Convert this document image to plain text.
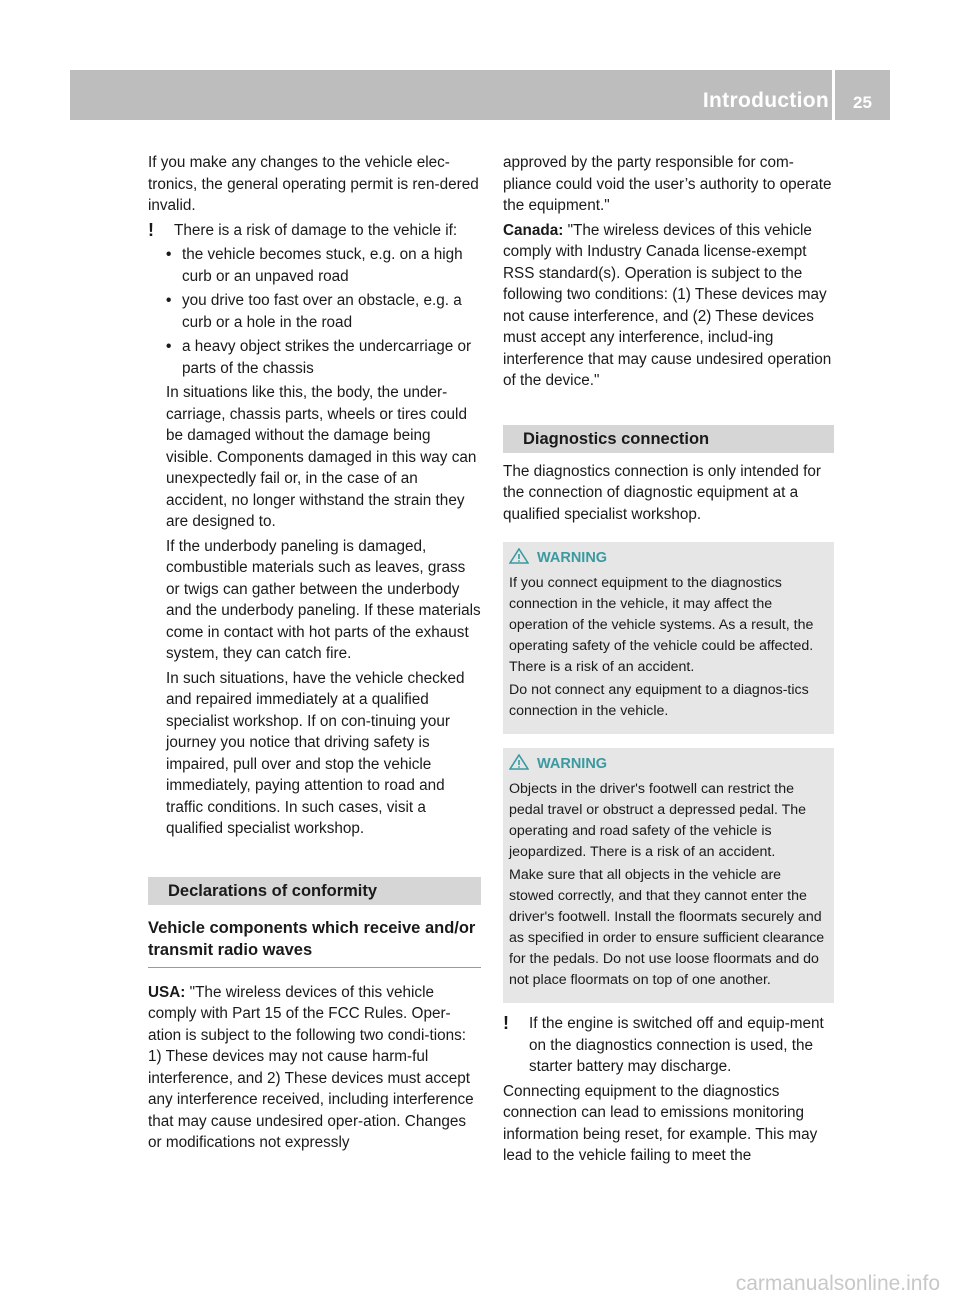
Introduction	25

If you make any changes to the vehicle elec-tronics, the general operating permit is ren-dered invalid.

! There is a risk of damage to the vehicle if:

• the vehicle becomes stuck, e.g. on a high curb or an unpaved road
• you drive too fast over an obstacle, e.g. a curb or a hole in the road
• a heavy object strikes the undercarriage or parts of the chassis

In situations like this, the body, the under-carriage, chassis parts, wheels or tires could be damaged without the damage being visible. Components damaged in this way can unexpectedly fail or, in the case of an accident, no longer withstand the strain they are designed to.

If the underbody paneling is damaged, combustible materials such as leaves, grass or twigs can gather between the underbody and the underbody paneling. If these materials come in contact with hot parts of the exhaust system, they can catch fire.

In such situations, have the vehicle checked and repaired immediately at a qualified specialist workshop. If on con-tinuing your journey you notice that driving safety is impaired, pull over and stop the vehicle immediately, paying attention to road and traffic conditions. In such cases, visit a qualified specialist workshop.

Declarations of conformity
Vehicle components which receive and/or transmit radio waves

USA: "The wireless devices of this vehicle comply with Part 15 of the FCC Rules. Oper-ation is subject to the following two condi-tions: 1) These devices may not cause harm-ful interference, and 2) These devices must accept any interference received, including interference that may cause undesired oper-ation. Changes or modifications not expressly

approved by the party responsible for com-pliance could void the user’s authority to operate the equipment."

Canada: "The wireless devices of this vehicle comply with Industry Canada license-exempt RSS standard(s). Operation is subject to the following two conditions: (1) These devices may not cause interference, and (2) These devices must accept any interference, includ-ing interference that may cause undesired operation of the device."

Diagnostics connection

The diagnostics connection is only intended for the connection of diagnostic equipment at a qualified specialist workshop.

WARNING

If you connect equipment to the diagnostics connection in the vehicle, it may affect the operation of the vehicle systems. As a result, the operating safety of the vehicle could be affected. There is a risk of an accident.

Do not connect any equipment to a diagnos-tics connection in the vehicle.

WARNING

Objects in the driver's footwell can restrict the pedal travel or obstruct a depressed pedal. The operating and road safety of the vehicle is jeopardized. There is a risk of an accident.

Make sure that all objects in the vehicle are stowed correctly, and that they cannot enter the driver's footwell. Install the floormats securely and as specified in order to ensure sufficient clearance for the pedals. Do not use loose floormats and do not place floormats on top of one another.

! If the engine is switched off and equip-ment on the diagnostics connection is used, the starter battery may discharge.

Connecting equipment to the diagnostics connection can lead to emissions monitoring information being reset, for example. This may lead to the vehicle failing to meet the

carmanualsonline.info
